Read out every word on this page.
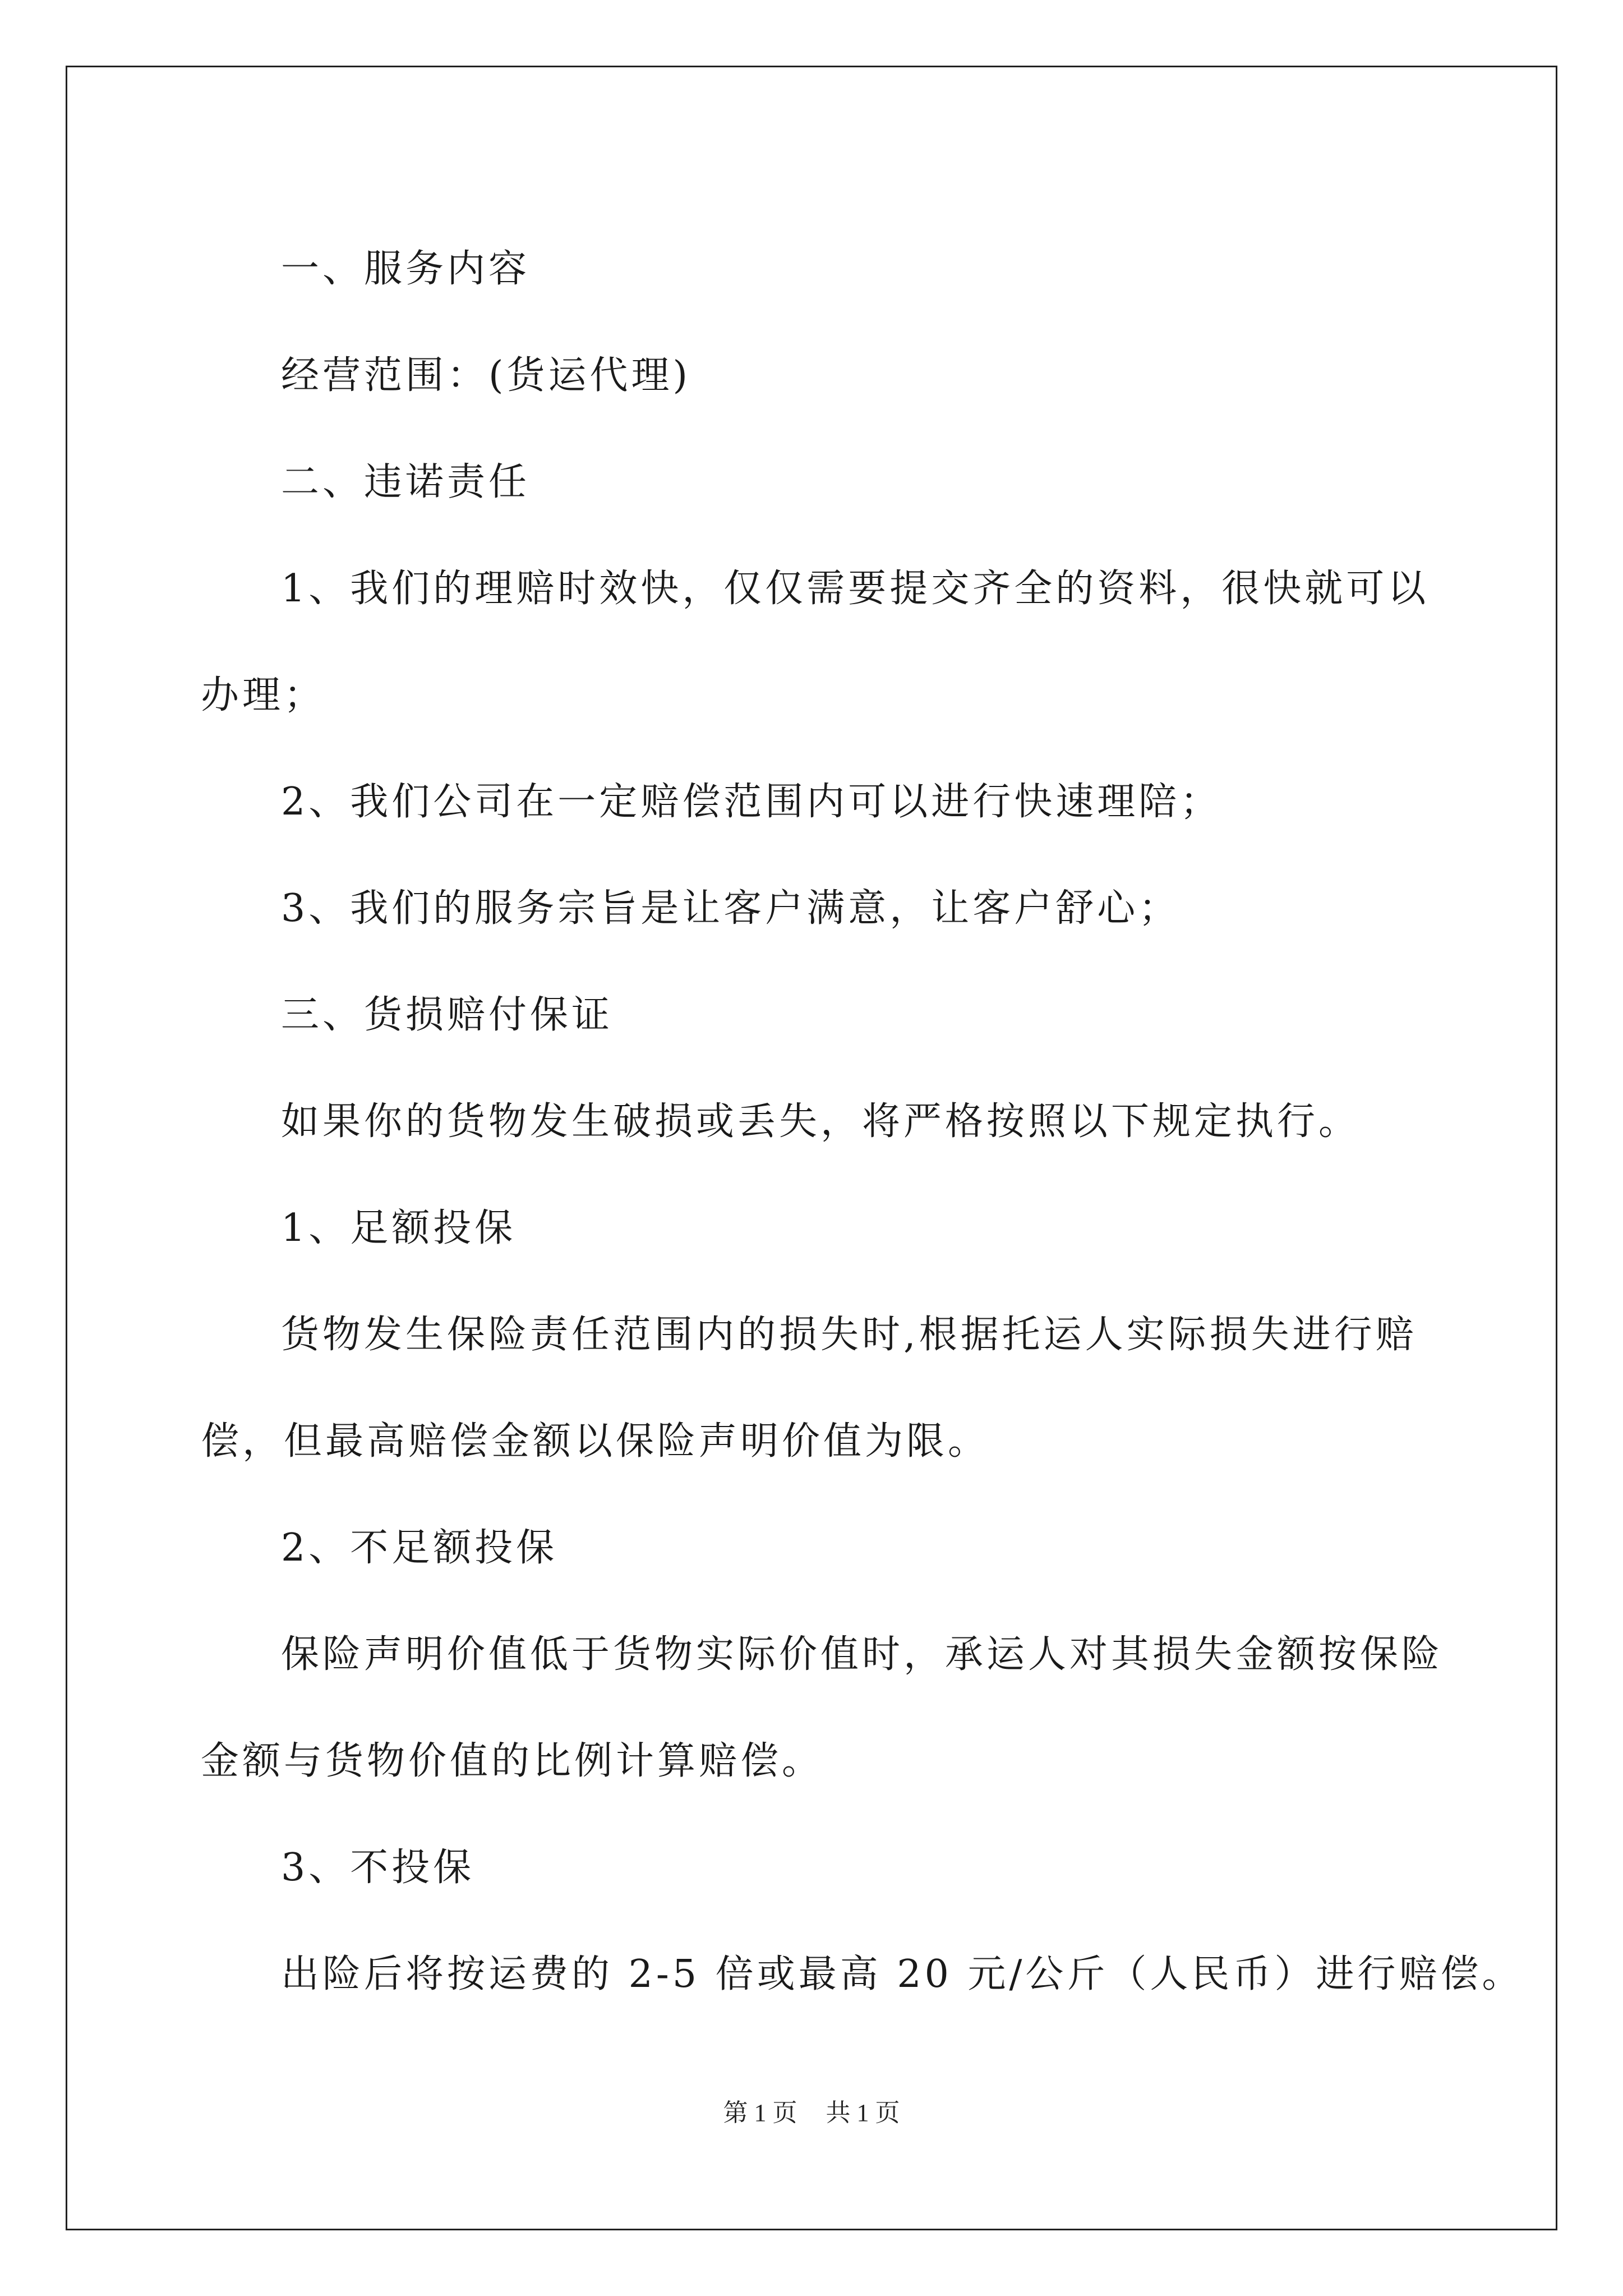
一、服务内容

经营范围：(货运代理)

二、违诺责任

1、我们的理赔时效快，仅仅需要提交齐全的资料，很快就可以

办理；

2、我们公司在一定赔偿范围内可以进行快速理陪；

3、我们的服务宗旨是让客户满意，让客户舒心；

三、货损赔付保证

如果你的货物发生破损或丢失，将严格按照以下规定执行。

1、足额投保

货物发生保险责任范围内的损失时,根据托运人实际损失进行赔

偿，但最高赔偿金额以保险声明价值为限。

2、不足额投保

保险声明价值低于货物实际价值时，承运人对其损失金额按保险

金额与货物价值的比例计算赔偿。

3、不投保

出险后将按运费的 2-5 倍或最高 20 元/公斤（人民币）进行赔偿。

第 1 页 共 1 页
